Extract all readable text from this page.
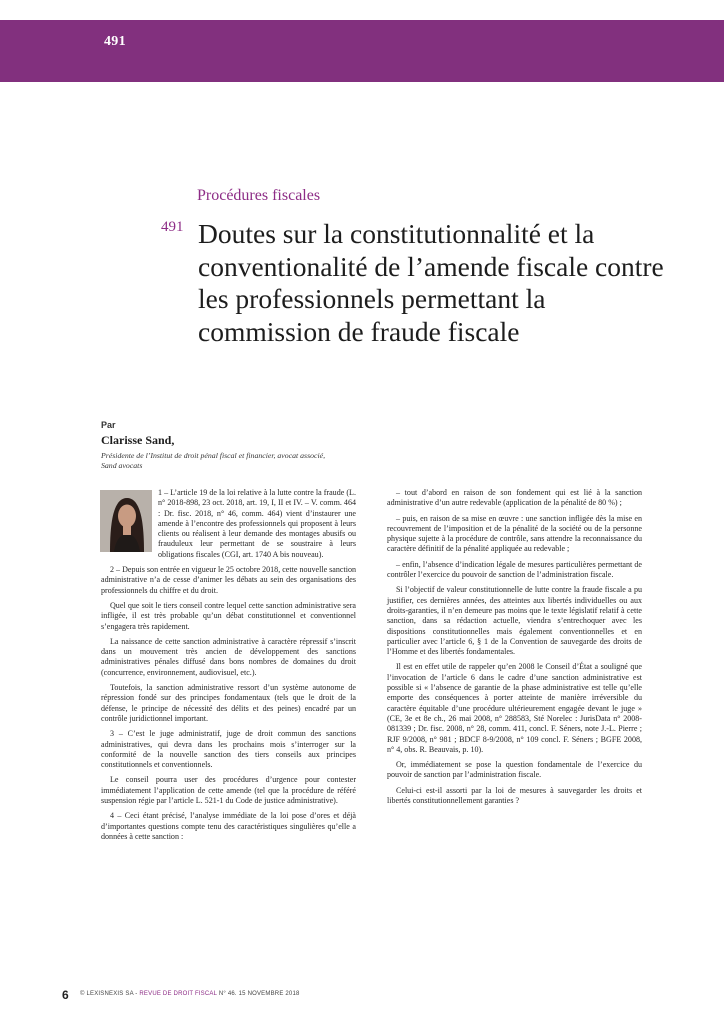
491
Procédures fiscales
491 Doutes sur la constitutionnalité et la conventionalité de l’amende fiscale contre les professionnels permettant la commission de fraude fiscale
Par
Clarisse Sand,
Présidente de l’Institut de droit pénal fiscal et financier, avocat associé, Sand avocats

1 – L’article 19 de la loi relative à la lutte contre la fraude (L. n° 2018-898, 23 oct. 2018, art. 19, I, II et IV. – V. comm. 464 : Dr. fisc. 2018, n° 46, comm. 464) vient d’instaurer une amende à l’encontre des professionnels qui proposent à leurs clients ou réalisent à leur demande des montages abusifs ou frauduleux leur permettant de se soustraire à leurs obligations fiscales (CGI, art. 1740 A bis nouveau).

2 – Depuis son entrée en vigueur le 25 octobre 2018, cette nouvelle sanction administrative n’a de cesse d’animer les débats au sein des organisations des professionnels du chiffre et du droit.

Quel que soit le tiers conseil contre lequel cette sanction administrative sera infligée, il est très probable qu’un débat constitutionnel et conventionnel s’engagera très rapidement.

La naissance de cette sanction administrative à caractère répressif s’inscrit dans un mouvement très ancien de développement des sanctions administratives pénales diffusé dans bons nombres de domaines du droit (concurrence, environnement, audiovisuel, etc.).

Toutefois, la sanction administrative ressort d’un système autonome de répression fondé sur des principes fondamentaux (tels que le droit de la défense, le principe de nécessité des délits et des peines) encadré par un contrôle juridictionnel important.

3 – C’est le juge administratif, juge de droit commun des sanctions administratives, qui devra dans les prochains mois s’interroger sur la conformité de la nouvelle sanction des tiers conseils aux principes constitutionnels et conventionnels.

Le conseil pourra user des procédures d’urgence pour contester immédiatement l’application de cette amende (tel que la procédure de référé suspension régie par l’article L. 521-1 du Code de justice administrative).

4 – Ceci étant précisé, l’analyse immédiate de la loi pose d’ores et déjà d’importantes questions compte tenu des caractéristiques singulières qu’elle a données à cette sanction :

– tout d’abord en raison de son fondement qui est lié à la sanction administrative d’un autre redevable (application de la pénalité de 80 %) ;

– puis, en raison de sa mise en œuvre : une sanction infligée dès la mise en recouvrement de l’imposition et de la pénalité de la société ou de la personne physique sujette à la procédure de contrôle, sans attendre la reconnaissance du caractère définitif de la pénalité appliquée au redevable ;

– enfin, l’absence d’indication légale de mesures particulières permettant de contrôler l’exercice du pouvoir de sanction de l’administration fiscale.

Si l’objectif de valeur constitutionnelle de lutte contre la fraude fiscale a pu justifier, ces dernières années, des atteintes aux libertés individuelles ou aux droits-garanties, il n’en demeure pas moins que le texte législatif relatif à cette sanction, dans sa rédaction actuelle, viendra s’entrechoquer avec les dispositions constitutionnelles mais également conventionnelles et en particulier avec l’article 6, § 1 de la Convention de sauvegarde des droits de l’Homme et des libertés fondamentales.

Il est en effet utile de rappeler qu’en 2008 le Conseil d’État a souligné que l’invocation de l’article 6 dans le cadre d’une sanction administrative est possible si « l’absence de garantie de la phase administrative est telle qu’elle emporte des conséquences à porter atteinte de manière irréversible du caractère équitable d’une procédure ultérieurement engagée devant le juge » (CE, 3e et 8e ch., 26 mai 2008, n° 288583, Sté Norelec : JurisData n° 2008-081339 ; Dr. fisc. 2008, n° 28, comm. 411, concl. F. Séners, note J.-L. Pierre ; RJF 9/2008, n° 981 ; BDCF 8-9/2008, n° 109 concl. F. Séners ; BGFE 2008, n° 4, obs. R. Beauvais, p. 10).

Or, immédiatement se pose la question fondamentale de l’exercice du pouvoir de sanction par l’administration fiscale.

Celui-ci est-il assorti par la loi de mesures à sauvegarder les droits et libertés constitutionnellement garanties ?

6 © LEXISNEXIS SA - REVUE DE DROIT FISCAL N° 46. 15 NOVEMBRE 2018
